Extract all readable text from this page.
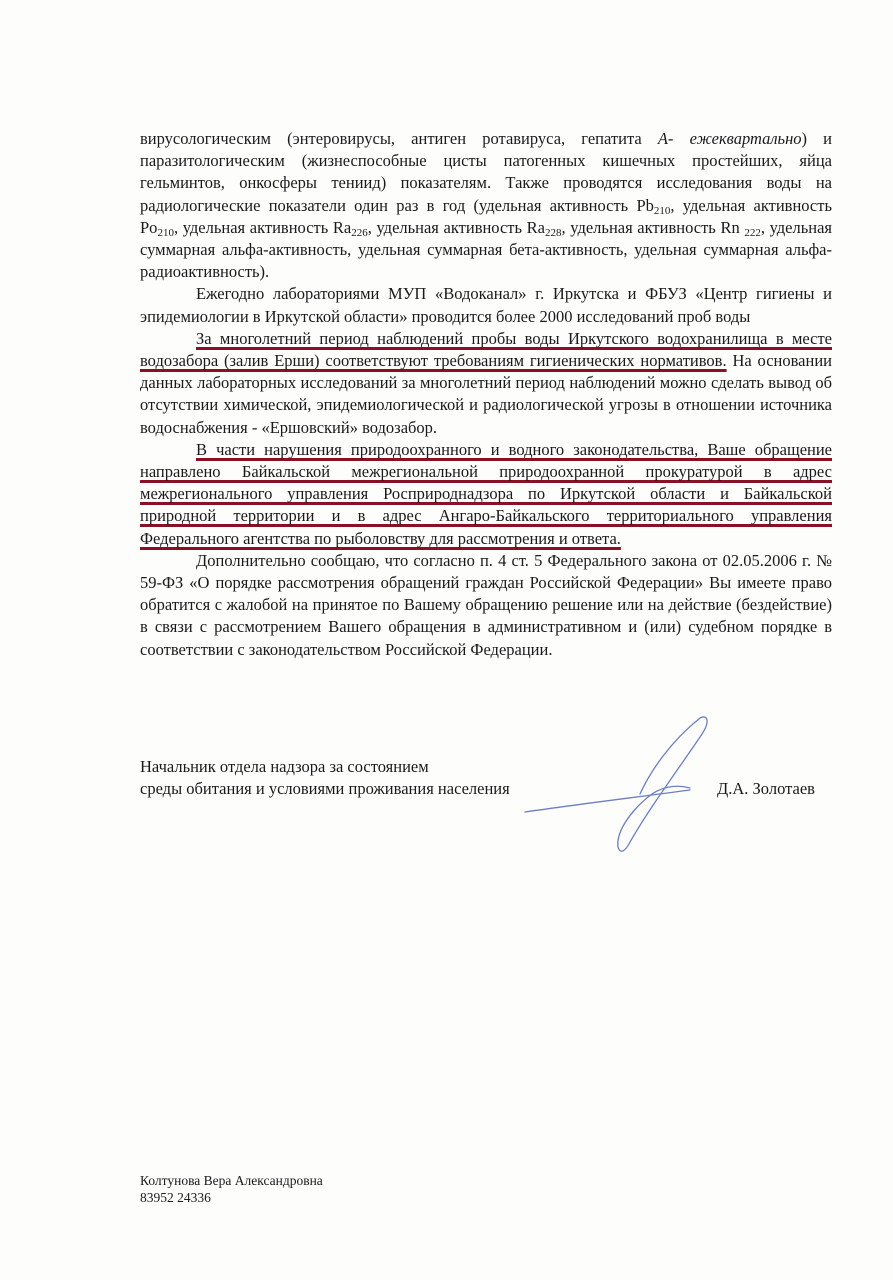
вирусологическим (энтеровирусы, антиген ротавируса, гепатита А- ежеквартально) и паразитологическим (жизнеспособные цисты патогенных кишечных простейших, яйца гельминтов, онкосферы тениид) показателям. Также проводятся исследования воды на радиологические показатели один раз в год (удельная активность $Pb_{210}$, удельная активность $Po_{210}$, удельная активность $Ra_{226}$, удельная активность $Ra_{228}$, удельная активность Rn $_{222}$, удельная суммарная альфа-активность, удельная суммарная бета-активность, удельная суммарная альфа-радиоактивность).

Ежегодно лабораториями МУП «Водоканал» г. Иркутска и ФБУЗ «Центр гигиены и эпидемиологии в Иркутской области» проводится более 2000 исследований проб воды

За многолетний период наблюдений пробы воды Иркутского водохранилища в месте водозабора (залив Ерши) соответствуют требованиям гигиенических нормативов. На основании данных лабораторных исследований за многолетний период наблюдений можно сделать вывод об отсутствии химической, эпидемиологической и радиологической угрозы в отношении источника водоснабжения - «Ершовский» водозабор.

В части нарушения природоохранного и водного законодательства, Ваше обращение направлено Байкальской межрегиональной природоохранной прокуратурой в адрес межрегионального управления Росприроднадзора по Иркутской области и Байкальской природной территории и в адрес Ангаро-Байкальского территориального управления Федерального агентства по рыболовству для рассмотрения и ответа.

Дополнительно сообщаю, что согласно п. 4 ст. 5 Федерального закона от 02.05.2006 г. № 59-ФЗ «О порядке рассмотрения обращений граждан Российской Федерации» Вы имеете право обратится с жалобой на принятое по Вашему обращению решение или на действие (бездействие) в связи с рассмотрением Вашего обращения в административном и (или) судебном порядке в соответствии с законодательством Российской Федерации.

Начальник отдела надзора за состоянием
среды обитания и условиями проживания населения	Д.А. Золотаев
Колтунова Вера Александровна
83952 24336
